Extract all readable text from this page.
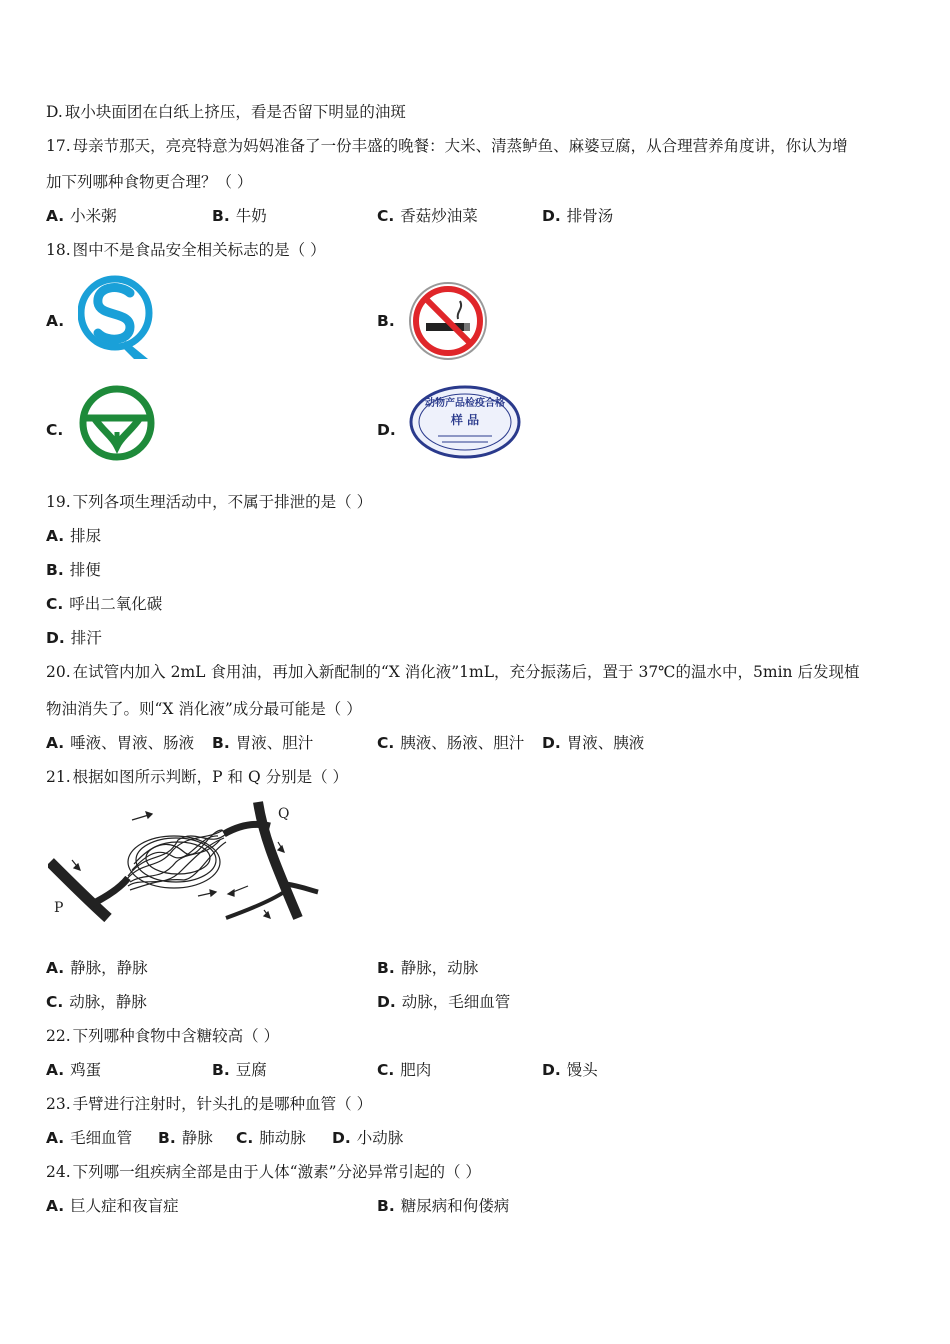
D. 取小块面团在白纸上挤压，看是否留下明显的油斑
17. 母亲节那天，亮亮特意为妈妈准备了一份丰盛的晚餐：大米、清蒸鲈鱼、麻婆豆腐，从合理营养角度讲，你认为增
加下列哪种食物更合理？（ ）
A. 小米粥	B. 牛奶	C. 香菇炒油菜	D. 排骨汤
18. 图中不是食品安全相关标志的是（ ）
A.	B.
C.	D.
动物产品检疫合格
样 品
19. 下列各项生理活动中，不属于排泄的是（ ）
A. 排尿
B. 排便
C. 呼出二氧化碳
D. 排汗
20. 在试管内加入 2mL 食用油，再加入新配制的“X 消化液”1mL，充分振荡后，置于 37℃的温水中，5min 后发现植
物油消失了。则“X 消化液”成分最可能是（ ）
A. 唾液、胃液、肠液 B. 胃液、胆汁	C. 胰液、肠液、胆汁 D. 胃液、胰液
21. 根据如图所示判断，P 和 Q 分别是（ ）
P
Q
A. 静脉，静脉	B. 静脉，动脉
C. 动脉，静脉	D. 动脉，毛细血管
22. 下列哪种食物中含糖较高（ ）
A. 鸡蛋	B. 豆腐	C. 肥肉	D. 馒头
23. 手臂进行注射时，针头扎的是哪种血管（ ）
A. 毛细血管 B. 静脉 C. 肺动脉 D. 小动脉
24. 下列哪一组疾病全部是由于人体“激素”分泌异常引起的（ ）
A. 巨人症和夜盲症	B. 糖尿病和佝偻病
